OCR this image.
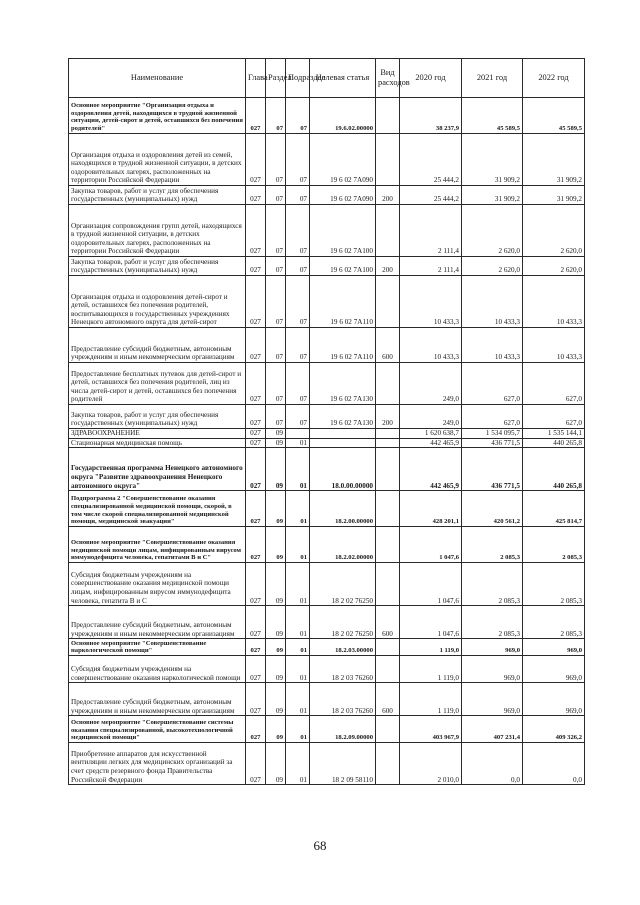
Наименование	Глава	Раздел	Подраздел	Целевая статья	Вид расходов	2020 год	2021 год	2022 год
Основное мероприятие "Организация отдыха и оздоровления детей, находящихся в трудной жизненной ситуации, детей-сирот и детей, оставшихся без попечения родителей"	027	07	07	19.6.02.00000		38 237,9	45 589,5	45 589,5
Организация отдыха и оздоровления детей из семей, находящихся в трудной жизненной ситуации, в детских оздоровительных лагерях, расположенных на территории Российской Федерации	027	07	07	19 6 02 7А090		25 444,2	31 909,2	31 909,2
Закупка товаров, работ и услуг для обеспечения государственных (муниципальных) нужд	027	07	07	19 6 02 7А090	200	25 444,2	31 909,2	31 909,2
Организация сопровождения групп детей, находящихся в трудной жизненной ситуации, в детских оздоровительных лагерях, расположенных на территории Российской Федерации	027	07	07	19 6 02 7А100		2 111,4	2 620,0	2 620,0
Закупка товаров, работ и услуг для обеспечения государственных (муниципальных) нужд	027	07	07	19 6 02 7А100	200	2 111,4	2 620,0	2 620,0
Организация отдыха и оздоровления детей-сирот и детей, оставшихся без попечения родителей, воспитывающихся в государственных учреждениях Ненецкого автономного округа для детей-сирот	027	07	07	19 6 02 7А110		10 433,3	10 433,3	10 433,3
Предоставление субсидий бюджетным, автономным учреждениям и иным некоммерческим организациям	027	07	07	19 6 02 7А110	600	10 433,3	10 433,3	10 433,3
Предоставление бесплатных путевок для детей-сирот и детей, оставшихся без попечения родителей, лиц из числа детей-сирот и детей, оставшихся без попечения родителей	027	07	07	19 6 02 7А130		249,0	627,0	627,0
Закупка товаров, работ и услуг для обеспечения государственных (муниципальных) нужд	027	07	07	19 6 02 7А130	200	249,0	627,0	627,0
ЗДРАВООХРАНЕНИЕ	027	09				1 620 638,7	1 534 095,7	1 535 144,1
Стационарная медицинская помощь	027	09	01			442 465,9	436 771,5	440 265,8
Государственная программа Ненецкого автономного округа "Развитие здравоохранения Ненецкого автономного округа"	027	09	01	18.0.00.00000		442 465,9	436 771,5	440 265,8
Подпрограмма 2 "Совершенствование оказания специализированной медицинской помощи, скорой, в том числе скорой специализированной медицинской помощи, медицинской эвакуации"	027	09	01	18.2.00.00000		428 201,1	420 561,2	425 814,7
Основное мероприятие "Совершенствование оказания медицинской помощи лицам, инфицированным вирусом иммунодефицита человека, гепатитами В и С"	027	09	01	18.2.02.00000		1 047,6	2 085,3	2 085,3
Субсидия бюджетным учреждениям на совершенствование оказания медицинской помощи лицам, инфицированным вирусом иммунодефицита человека, гепатита В и С	027	09	01	18 2 02 76250		1 047,6	2 085,3	2 085,3
Предоставление субсидий бюджетным, автономным учреждениям и иным некоммерческим организациям	027	09	01	18 2 02 76250	600	1 047,6	2 085,3	2 085,3
Основное мероприятие "Совершенствование наркологической помощи"	027	09	01	18.2.03.00000		1 119,0	969,0	969,0
Субсидия бюджетным учреждениям на совершенствование оказания наркологической помощи	027	09	01	18 2 03 76260		1 119,0	969,0	969,0
Предоставление субсидий бюджетным, автономным учреждениям и иным некоммерческим организациям	027	09	01	18 2 03 76260	600	1 119,0	969,0	969,0
Основное мероприятие "Совершенствование системы оказания специализированной, высокотехнологичной медицинской помощи"	027	09	01	18.2.09.00000		403 967,9	407 231,4	409 326,2
Приобретение аппаратов для искусственной вентиляции легких для медицинских организаций за счет средств резервного фонда Правительства Российской Федерации	027	09	01	18 2 09 58110		2 010,0	0,0	0,0
68
